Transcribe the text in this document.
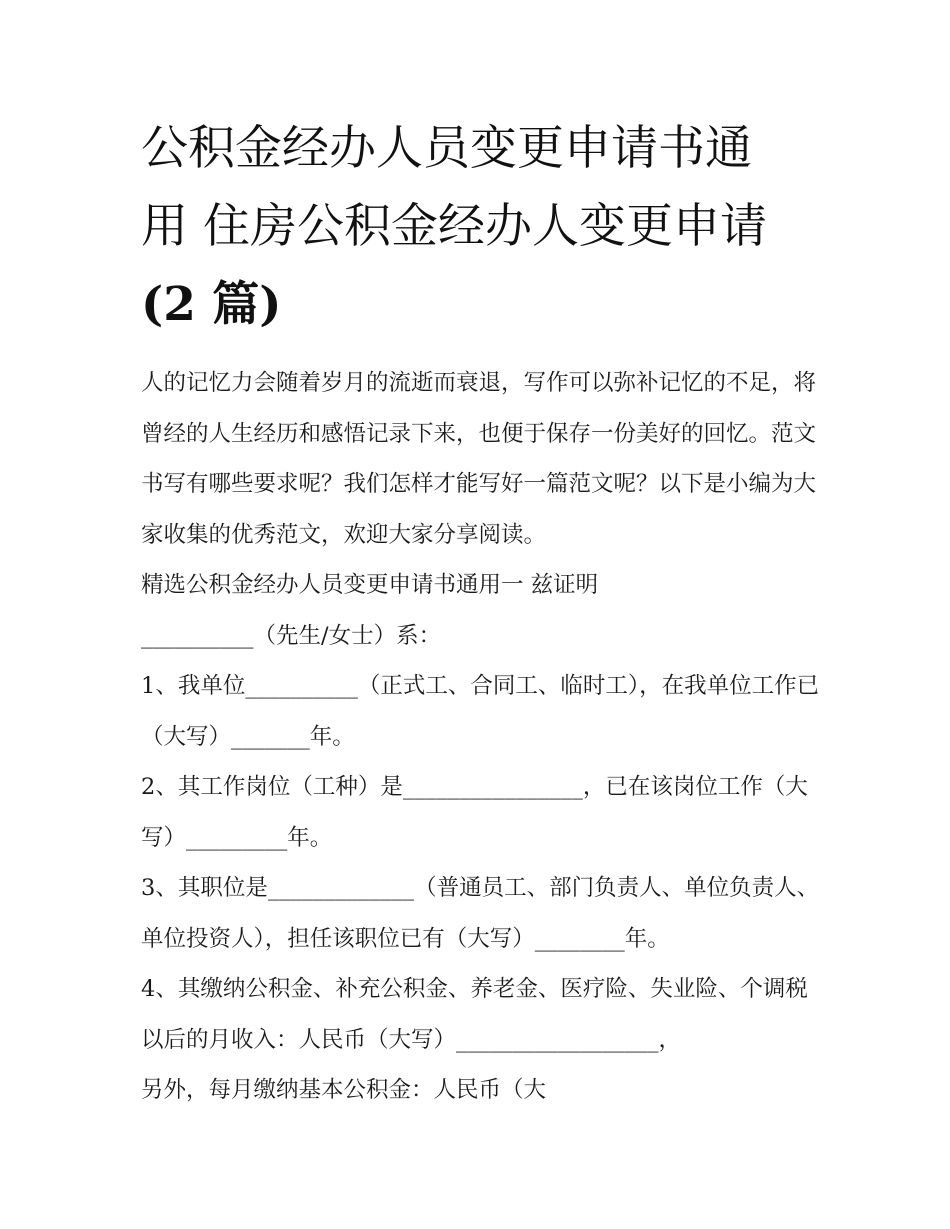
公积金经办人员变更申请书通
用 住房公积金经办人变更申请
(2 篇)

人的记忆力会随着岁月的流逝而衰退，写作可以弥补记忆的不足，将曾经的人生经历和感悟记录下来，也便于保存一份美好的回忆。范文书写有哪些要求呢？我们怎样才能写好一篇范文呢？以下是小编为大家收集的优秀范文，欢迎大家分享阅读。

精选公积金经办人员变更申请书通用一 兹证明

__________（先生/女士）系：

1、我单位__________（正式工、合同工、临时工），在我单位工作已（大写）_______年。

2、其工作岗位（工种）是________________，已在该岗位工作（大写）_________年。

3、其职位是_____________（普通员工、部门负责人、单位负责人、单位投资人），担任该职位已有（大写）________年。

4、其缴纳公积金、补充公积金、养老金、医疗险、失业险、个调税以后的月收入：人民币（大写）__________________，

另外，每月缴纳基本公积金：人民币（大
